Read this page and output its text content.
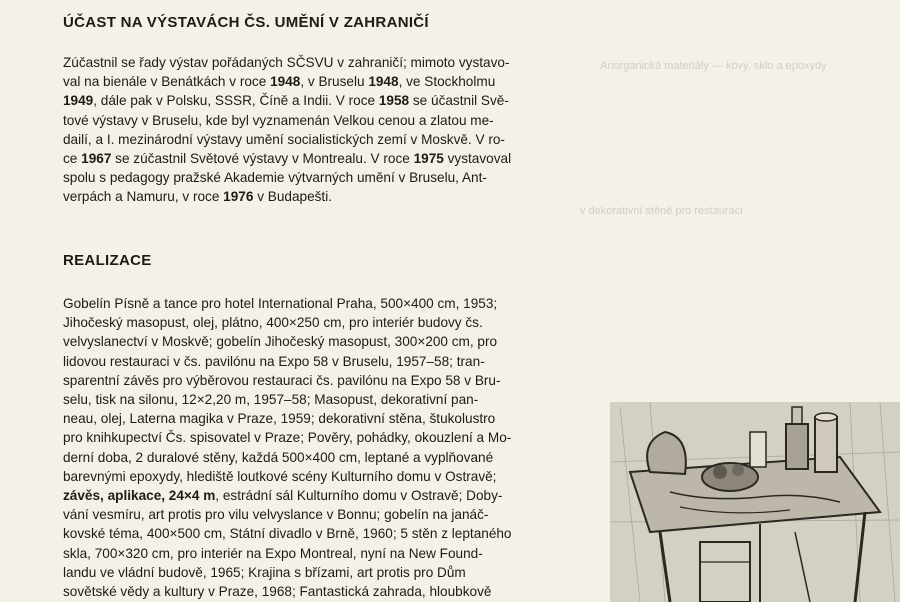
ÚČAST NA VÝSTAVÁCH ČS. UMĚNÍ V ZAHRANIČÍ

Zúčastnil se řady výstav pořádaných SČSVU v zahraničí; mimoto vystavo-
val na bienále v Benátkách v roce 1948, v Bruselu 1948, ve Stockholmu
1949, dále pak v Polsku, SSSR, Číně a Indii. V roce 1958 se účastnil Svě-
tové výstavy v Bruselu, kde byl vyznamenán Velkou cenou a zlatou me-
dailí, a I. mezinárodní výstavy umění socialistických zemí v Moskvě. V ro-
ce 1967 se zúčastnil Světové výstavy v Montrealu. V roce 1975 vystavoval
spolu s pedagogy pražské Akademie výtvarných umění v Bruselu, Ant-
verpách a Namuru, v roce 1976 v Budapešti.

Anorganická materiály — kovy, sklo a epoxydy
v dekorativní stěně pro restauraci
REALIZACE

Gobelín Písně a tance pro hotel International Praha, 500×400 cm, 1953;
Jihočeský masopust, olej, plátno, 400×250 cm, pro interiér budovy čs.
velvyslanectví v Moskvě; gobelín Jihočeský masopust, 300×200 cm, pro
lidovou restauraci v čs. pavilónu na Expo 58 v Bruselu, 1957–58; tran-
sparentní závěs pro výběrovou restauraci čs. pavilónu na Expo 58 v Bru-
selu, tisk na silonu, 12×2,20 m, 1957–58; Masopust, dekorativní pan-
neau, olej, Laterna magika v Praze, 1959; dekorativní stěna, štukolustro
pro knihkupectví Čs. spisovatel v Praze; Pověry, pohádky, okouzlení a Mo-
derní doba, 2 duralové stěny, každá 500×400 cm, leptané a vyplňované
barevnými epoxydy, hlediště loutkové scény Kulturního domu v Ostravě;
závěs, aplikace, 24×4 m, estrádní sál Kulturního domu v Ostravě; Doby-
vání vesmíru, art protis pro vilu velvyslance v Bonnu; gobelín na janáč-
kovské téma, 400×500 cm, Státní divadlo v Brně, 1960; 5 stěn z leptaného
skla, 700×320 cm, pro interiér na Expo Montreal, nyní na New Found-
landu ve vládní budově, 1965; Krajina s břízami, art protis pro Dům
sovětské vědy a kultury v Praze, 1968; Fantastická zahrada, hloubkově
